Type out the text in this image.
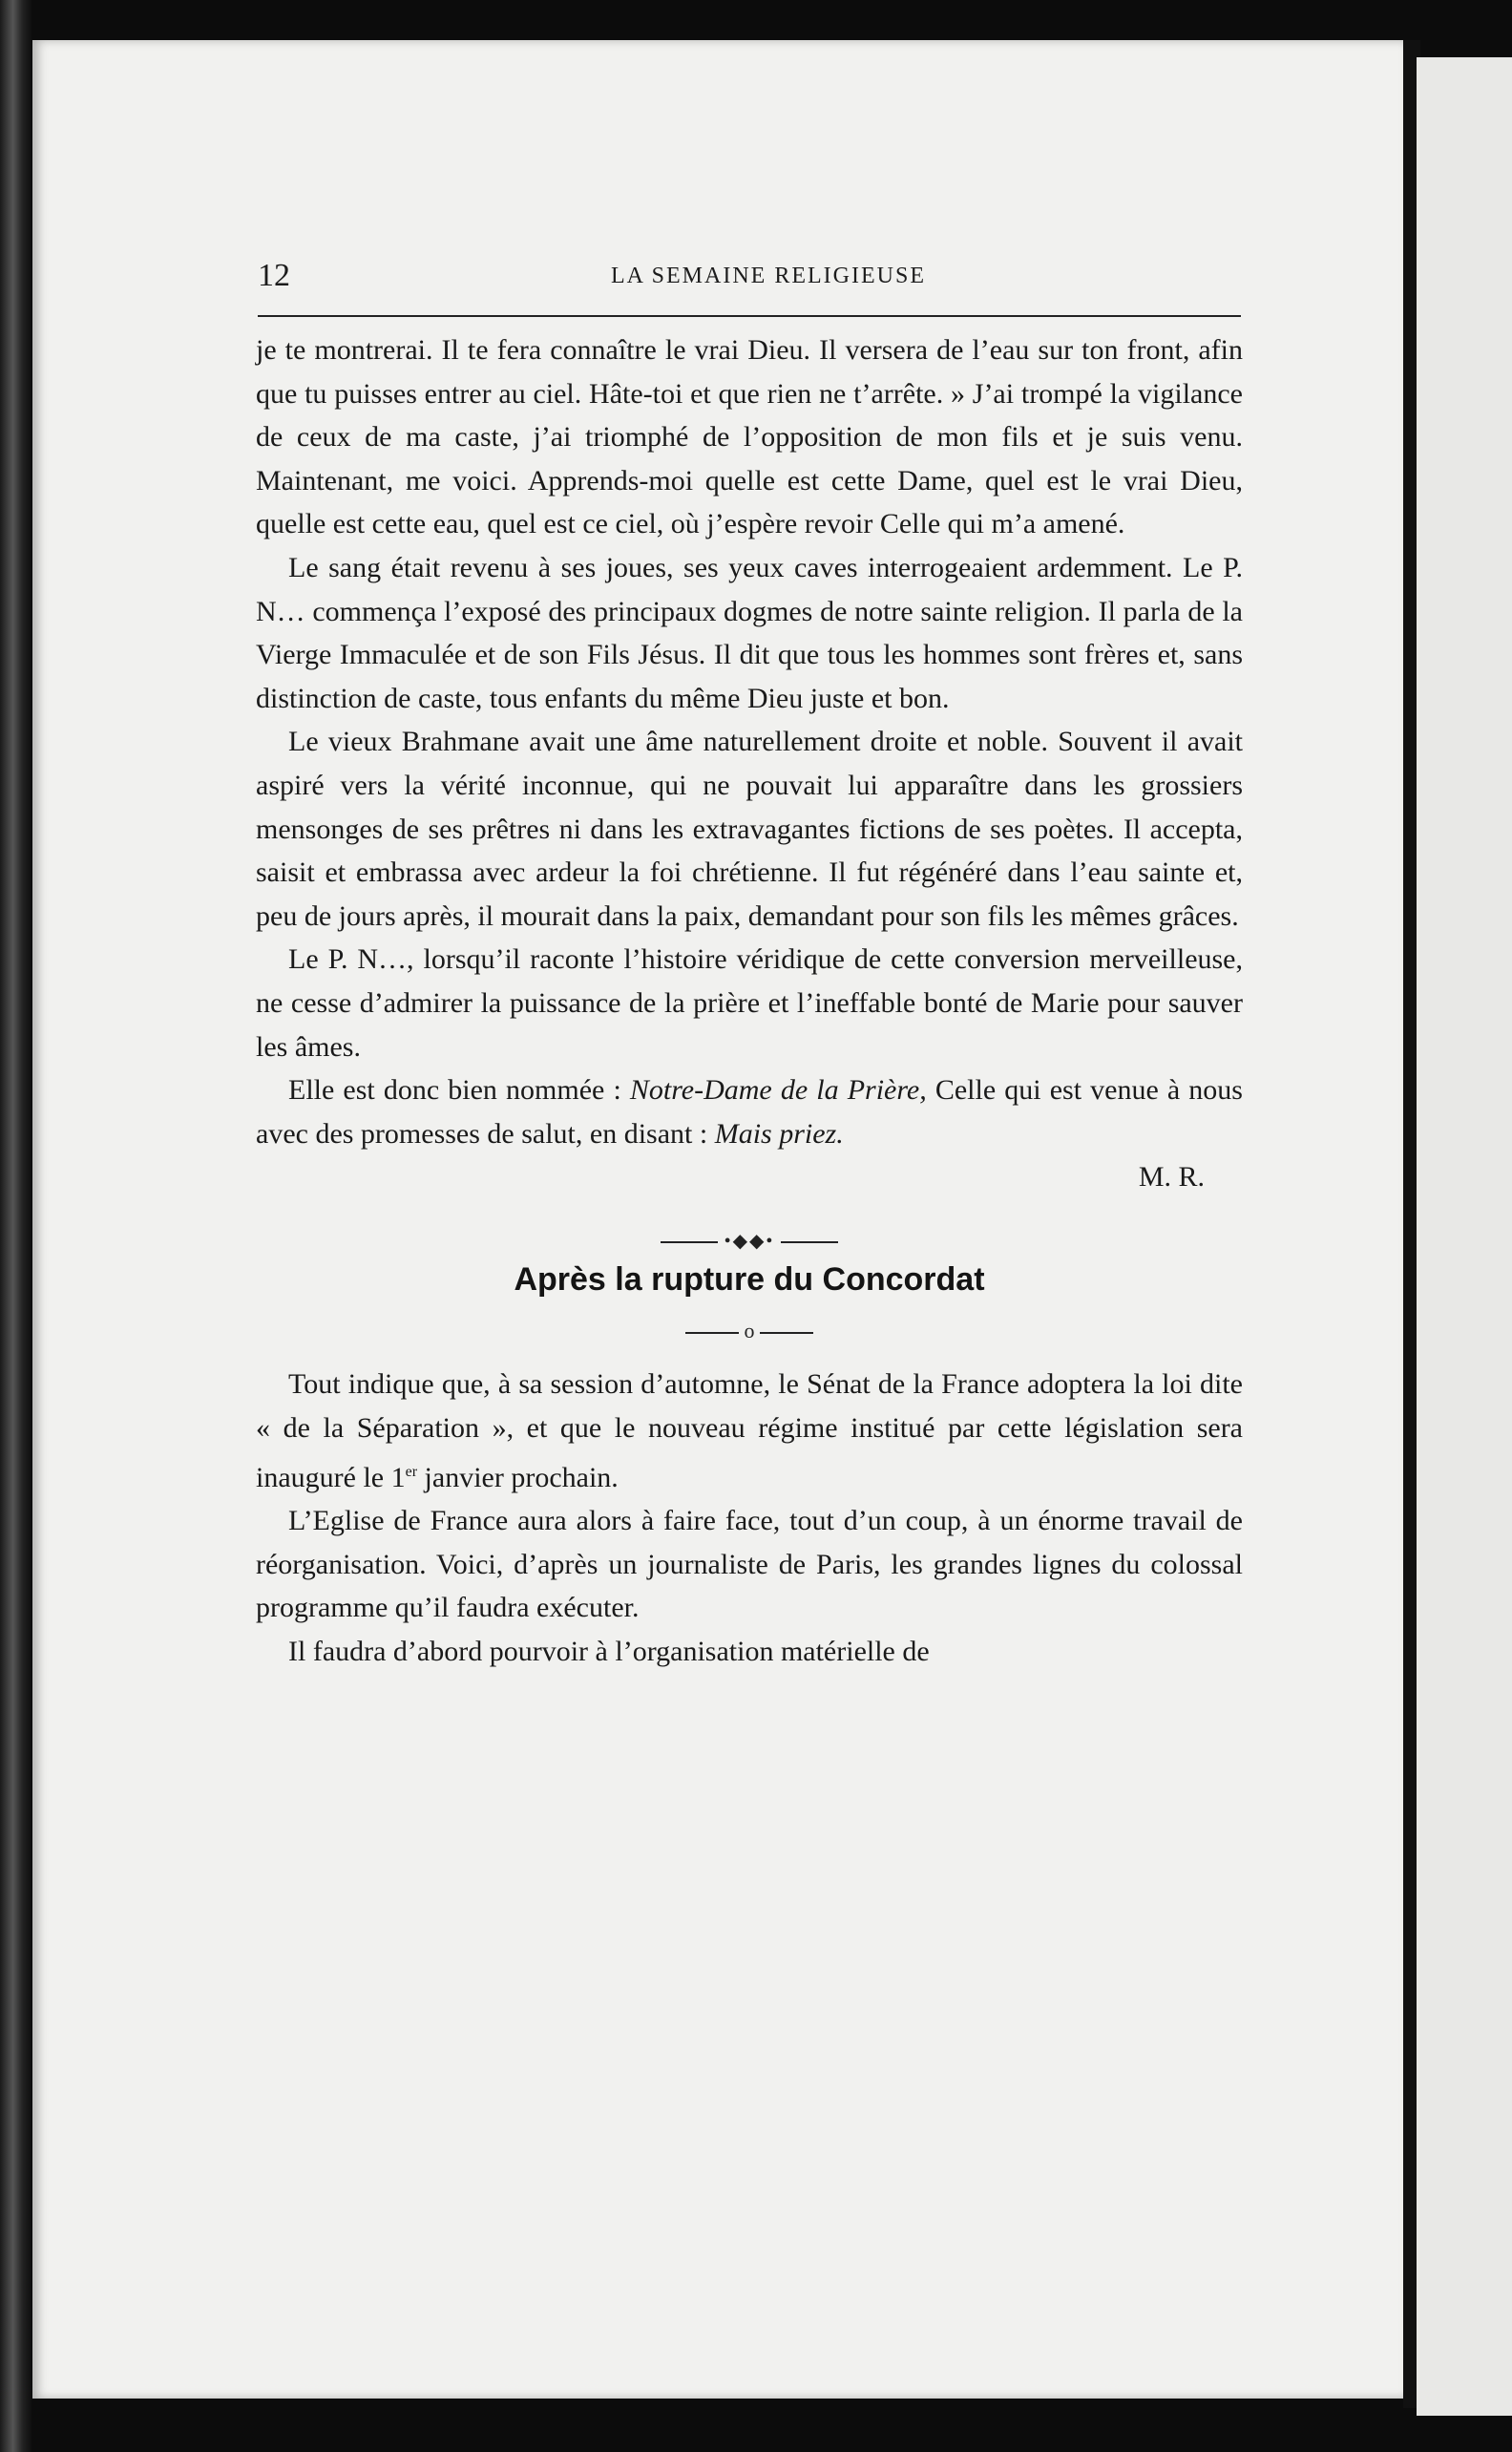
12	LA SEMAINE RELIGIEUSE

je te montrerai. Il te fera connaître le vrai Dieu. Il versera de l’eau sur ton front, afin que tu puisses entrer au ciel. Hâte-toi et que rien ne t’arrête. » J’ai trompé la vigilance de ceux de ma caste, j’ai triomphé de l’opposition de mon fils et je suis venu. Maintenant, me voici. Apprends-moi quelle est cette Dame, quel est le vrai Dieu, quelle est cette eau, quel est ce ciel, où j’espère revoir Celle qui m’a amené.

Le sang était revenu à ses joues, ses yeux caves interrogeaient ardemment. Le P. N… commença l’exposé des principaux dogmes de notre sainte religion. Il parla de la Vierge Immaculée et de son Fils Jésus. Il dit que tous les hommes sont frères et, sans distinction de caste, tous enfants du même Dieu juste et bon.

Le vieux Brahmane avait une âme naturellement droite et noble. Souvent il avait aspiré vers la vérité inconnue, qui ne pouvait lui apparaître dans les grossiers mensonges de ses prêtres ni dans les extravagantes fictions de ses poètes. Il accepta, saisit et embrassa avec ardeur la foi chrétienne. Il fut régénéré dans l’eau sainte et, peu de jours après, il mourait dans la paix, demandant pour son fils les mêmes grâces.

Le P. N…, lorsqu’il raconte l’histoire véridique de cette conversion merveilleuse, ne cesse d’admirer la puissance de la prière et l’ineffable bonté de Marie pour sauver les âmes.

Elle est donc bien nommée : Notre-Dame de la Prière, Celle qui est venue à nous avec des promesses de salut, en disant : Mais priez.

M. R.

•◆◆•
Après la rupture du Concordat
o

Tout indique que, à sa session d’automne, le Sénat de la France adoptera la loi dite « de la Séparation », et que le nouveau régime institué par cette législation sera inauguré le 1er janvier prochain.

L’Eglise de France aura alors à faire face, tout d’un coup, à un énorme travail de réorganisation. Voici, d’après un journaliste de Paris, les grandes lignes du colossal programme qu’il faudra exécuter.

Il faudra d’abord pourvoir à l’organisation matérielle de
